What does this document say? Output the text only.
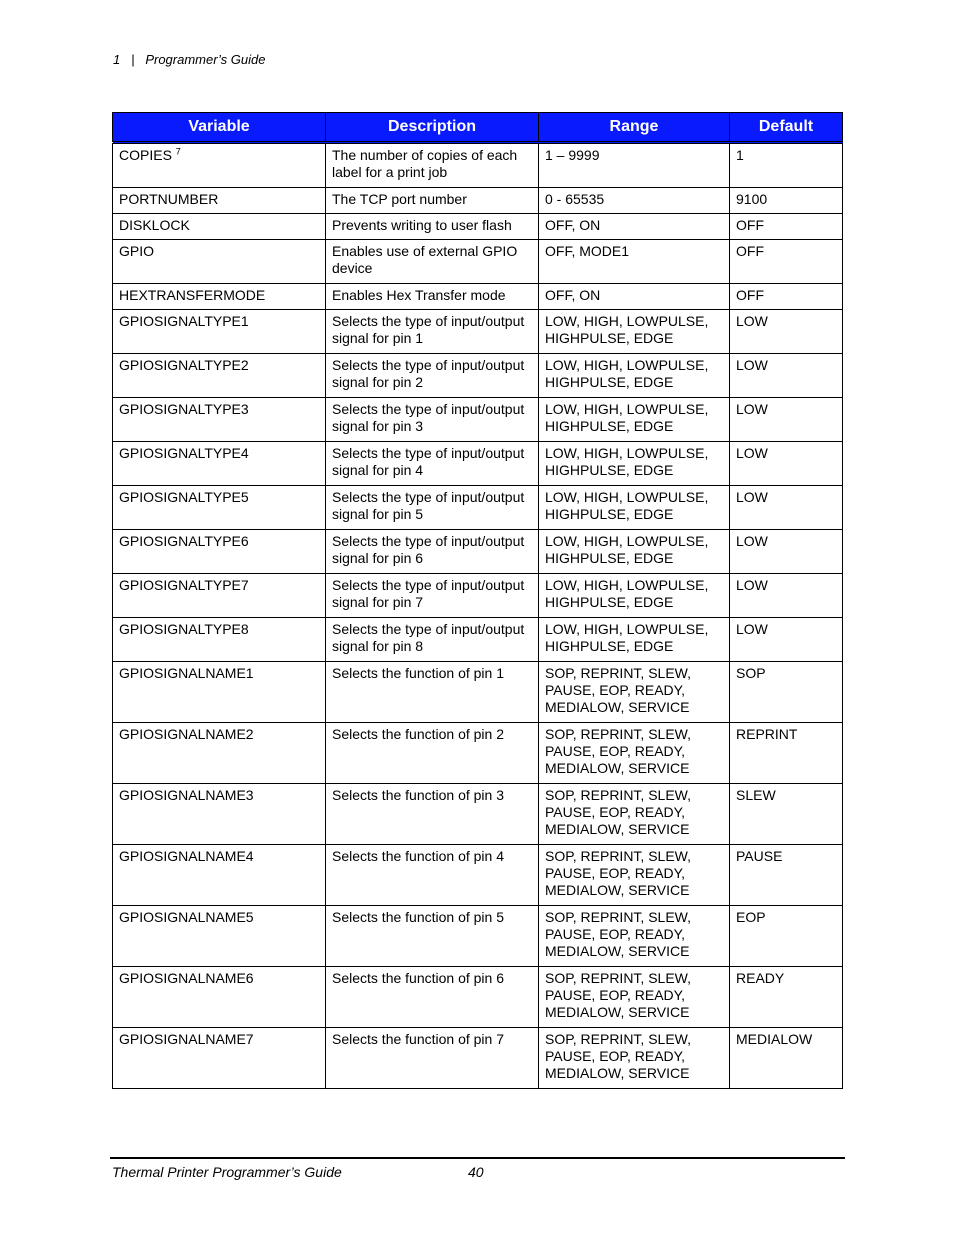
1 | Programmer’s Guide
Variable	Description	Range	Default
COPIES $^7$	The number of copies of each label for a print job	1 – 9999	1
PORTNUMBER	The TCP port number	0 - 65535	9100
DISKLOCK	Prevents writing to user flash	OFF, ON	OFF
GPIO	Enables use of external GPIO device	OFF, MODE1	OFF
HEXTRANSFERMODE	Enables Hex Transfer mode	OFF, ON	OFF
GPIOSIGNALTYPE1	Selects the type of input/output signal for pin 1	LOW, HIGH, LOWPULSE, HIGHPULSE, EDGE	LOW
GPIOSIGNALTYPE2	Selects the type of input/output signal for pin 2	LOW, HIGH, LOWPULSE, HIGHPULSE, EDGE	LOW
GPIOSIGNALTYPE3	Selects the type of input/output signal for pin 3	LOW, HIGH, LOWPULSE, HIGHPULSE, EDGE	LOW
GPIOSIGNALTYPE4	Selects the type of input/output signal for pin 4	LOW, HIGH, LOWPULSE, HIGHPULSE, EDGE	LOW
GPIOSIGNALTYPE5	Selects the type of input/output signal for pin 5	LOW, HIGH, LOWPULSE, HIGHPULSE, EDGE	LOW
GPIOSIGNALTYPE6	Selects the type of input/output signal for pin 6	LOW, HIGH, LOWPULSE, HIGHPULSE, EDGE	LOW
GPIOSIGNALTYPE7	Selects the type of input/output signal for pin 7	LOW, HIGH, LOWPULSE, HIGHPULSE, EDGE	LOW
GPIOSIGNALTYPE8	Selects the type of input/output signal for pin 8	LOW, HIGH, LOWPULSE, HIGHPULSE, EDGE	LOW
GPIOSIGNALNAME1	Selects the function of pin 1	SOP, REPRINT, SLEW, PAUSE, EOP, READY, MEDIALOW, SERVICE	SOP
GPIOSIGNALNAME2	Selects the function of pin 2	SOP, REPRINT, SLEW, PAUSE, EOP, READY, MEDIALOW, SERVICE	REPRINT
GPIOSIGNALNAME3	Selects the function of pin 3	SOP, REPRINT, SLEW, PAUSE, EOP, READY, MEDIALOW, SERVICE	SLEW
GPIOSIGNALNAME4	Selects the function of pin 4	SOP, REPRINT, SLEW, PAUSE, EOP, READY, MEDIALOW, SERVICE	PAUSE
GPIOSIGNALNAME5	Selects the function of pin 5	SOP, REPRINT, SLEW, PAUSE, EOP, READY, MEDIALOW, SERVICE	EOP
GPIOSIGNALNAME6	Selects the function of pin 6	SOP, REPRINT, SLEW, PAUSE, EOP, READY, MEDIALOW, SERVICE	READY
GPIOSIGNALNAME7	Selects the function of pin 7	SOP, REPRINT, SLEW, PAUSE, EOP, READY, MEDIALOW, SERVICE	MEDIALOW
Thermal Printer Programmer’s Guide	40
